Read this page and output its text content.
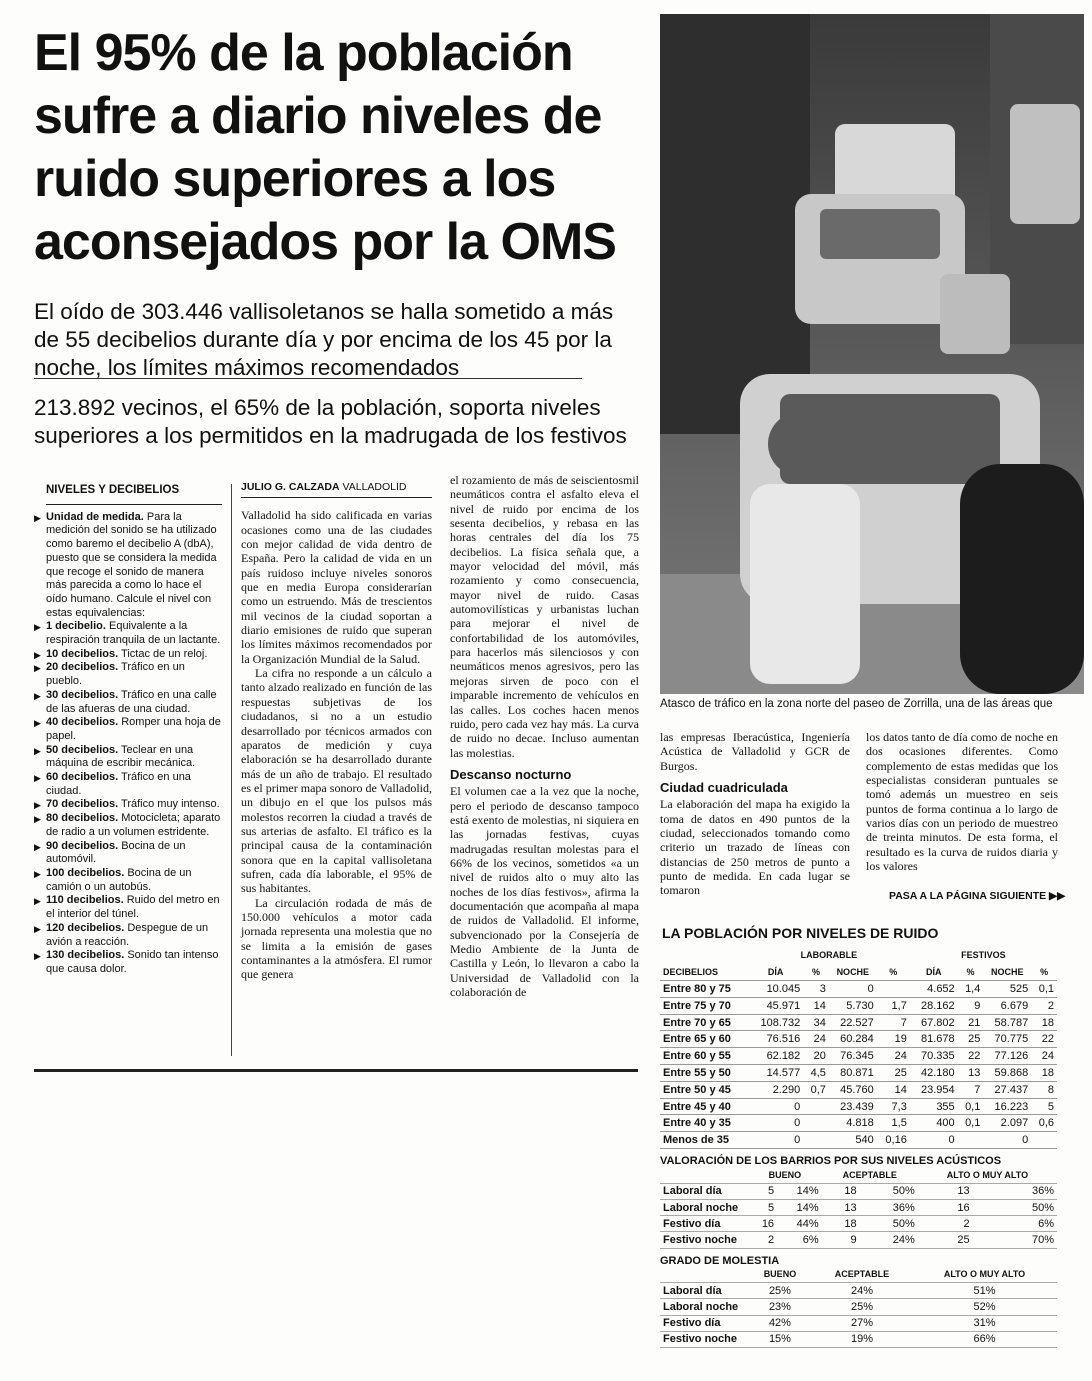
El 95% de la población sufre a diario niveles de ruido superiores a los aconsejados por la OMS

El oído de 303.446 vallisoletanos se halla sometido a más de 55 decibelios durante día y por encima de los 45 por la noche, los límites máximos recomendados

213.892 vecinos, el 65% de la población, soporta niveles superiores a los permitidos en la madrugada de los festivos

Atasco de tráfico en la zona norte del paseo de Zorrilla, una de las áreas que
NIVELES Y DECIBELIOS
▶ Unidad de medida. Para la medición del sonido se ha utilizado como baremo el decibelio A (dbA), puesto que se considera la medida que recoge el sonido de manera más parecida a como lo hace el oído humano. Calcule el nivel con estas equivalencias:
▶ 1 decibelio. Equivalente a la respiración tranquila de un lactante.
▶ 10 decibelios. Tictac de un reloj.
▶ 20 decibelios. Tráfico en un pueblo.
▶ 30 decibelios. Tráfico en una calle de las afueras de una ciudad.
▶ 40 decibelios. Romper una hoja de papel.
▶ 50 decibelios. Teclear en una máquina de escribir mecánica.
▶ 60 decibelios. Tráfico en una ciudad.
▶ 70 decibelios. Tráfico muy intenso.
▶ 80 decibelios. Motocicleta; aparato de radio a un volumen estridente.
▶ 90 decibelios. Bocina de un automóvil.
▶ 100 decibelios. Bocina de un camión o un autobús.
▶ 110 decibelios. Ruido del metro en el interior del túnel.
▶ 120 decibelios. Despegue de un avión a reacción.
▶ 130 decibelios. Sonido tan intenso que causa dolor.
JULIO G. CALZADA VALLADOLID

Valladolid ha sido calificada en varias ocasiones como una de las ciudades con mejor calidad de vida dentro de España. Pero la calidad de vida en un país ruidoso incluye niveles sonoros que en media Europa considerarían como un estruendo. Más de trescientos mil vecinos de la ciudad soportan a diario emisiones de ruido que superan los límites máximos recomendados por la Organización Mundial de la Salud.

La cifra no responde a un cálculo a tanto alzado realizado en función de las respuestas subjetivas de los ciudadanos, si no a un estudio desarrollado por técnicos armados con aparatos de medición y cuya elaboración se ha desarrollado durante más de un año de trabajo. El resultado es el primer mapa sonoro de Valladolid, un dibujo en el que los pulsos más molestos recorren la ciudad a través de sus arterias de asfalto. El tráfico es la principal causa de la contaminación sonora que en la capital vallisoletana sufren, cada día laborable, el 95% de sus habitantes.

La circulación rodada de más de 150.000 vehículos a motor cada jornada representa una molestia que no se limita a la emisión de gases contaminantes a la atmósfera. El rumor que genera

el rozamiento de más de seiscientosmil neumáticos contra el asfalto eleva el nivel de ruido por encima de los sesenta decibelios, y rebasa en las horas centrales del día los 75 decibelios. La física señala que, a mayor velocidad del móvil, más rozamiento y como consecuencia, mayor nivel de ruido. Casas automovilísticas y urbanistas luchan para mejorar el nivel de confortabilidad de los automóviles, para hacerlos más silenciosos y con neumáticos menos agresivos, pero las mejoras sirven de poco con el imparable incremento de vehículos en las calles. Los coches hacen menos ruido, pero cada vez hay más. La curva de ruido no decae. Incluso aumentan las molestias.

Descanso nocturno

El volumen cae a la vez que la noche, pero el periodo de descanso tampoco está exento de molestias, ni siquiera en las jornadas festivas, cuyas madrugadas resultan molestas para el 66% de los vecinos, sometidos «a un nivel de ruidos alto o muy alto las noches de los días festivos», afirma la documentación que acompaña al mapa de ruidos de Valladolid. El informe, subvencionado por la Consejería de Medio Ambiente de la Junta de Castilla y León, lo llevaron a cabo la Universidad de Valladolid con la colaboración de

las empresas Iberacústica, Ingeniería Acústica de Valladolid y GCR de Burgos.

Ciudad cuadriculada

La elaboración del mapa ha exigido la toma de datos en 490 puntos de la ciudad, seleccionados tomando como criterio un trazado de líneas con distancias de 250 metros de punto a punto de medida. En cada lugar se tomaron

los datos tanto de día como de noche en dos ocasiones diferentes. Como complemento de estas medidas que los especialistas consideran puntuales se tomó además un muestreo en seis puntos de forma continua a lo largo de varios días con un periodo de muestreo de treinta minutos. De esta forma, el resultado es la curva de ruidos diaria y los valores

PASA A LA PÁGINA SIGUIENTE ▶▶
LA POBLACIÓN POR NIVELES DE RUIDO
	LABORABLE				FESTIVOS			
DECIBELIOS	DÍA	%	NOCHE	%	DÍA	%	NOCHE	%
Entre 80 y 75	10.045	3	0		4.652	1,4	525	0,1
Entre 75 y 70	45.971	14	5.730	1,7	28.162	9	6.679	2
Entre 70 y 65	108.732	34	22.527	7	67.802	21	58.787	18
Entre 65 y 60	76.516	24	60.284	19	81.678	25	70.775	22
Entre 60 y 55	62.182	20	76.345	24	70.335	22	77.126	24
Entre 55 y 50	14.577	4,5	80.871	25	42.180	13	59.868	18
Entre 50 y 45	2.290	0,7	45.760	14	23.954	7	27.437	8
Entre 45 y 40	0		23.439	7,3	355	0,1	16.223	5
Entre 40 y 35	0		4.818	1,5	400	0,1	2.097	0,6
Menos de 35	0		540	0,16	0		0	
VALORACIÓN DE LOS BARRIOS POR SUS NIVELES ACÚSTICOS
	BUENO		ACEPTABLE		ALTO O MUY ALTO	
Laboral día	5	14%	18	50%	13	36%
Laboral noche	5	14%	13	36%	16	50%
Festivo día	16	44%	18	50%	2	6%
Festivo noche	2	6%	9	24%	25	70%
GRADO DE MOLESTIA
	BUENO	ACEPTABLE	ALTO O MUY ALTO
Laboral día	25%	24%	51%
Laboral noche	23%	25%	52%
Festivo día	42%	27%	31%
Festivo noche	15%	19%	66%
